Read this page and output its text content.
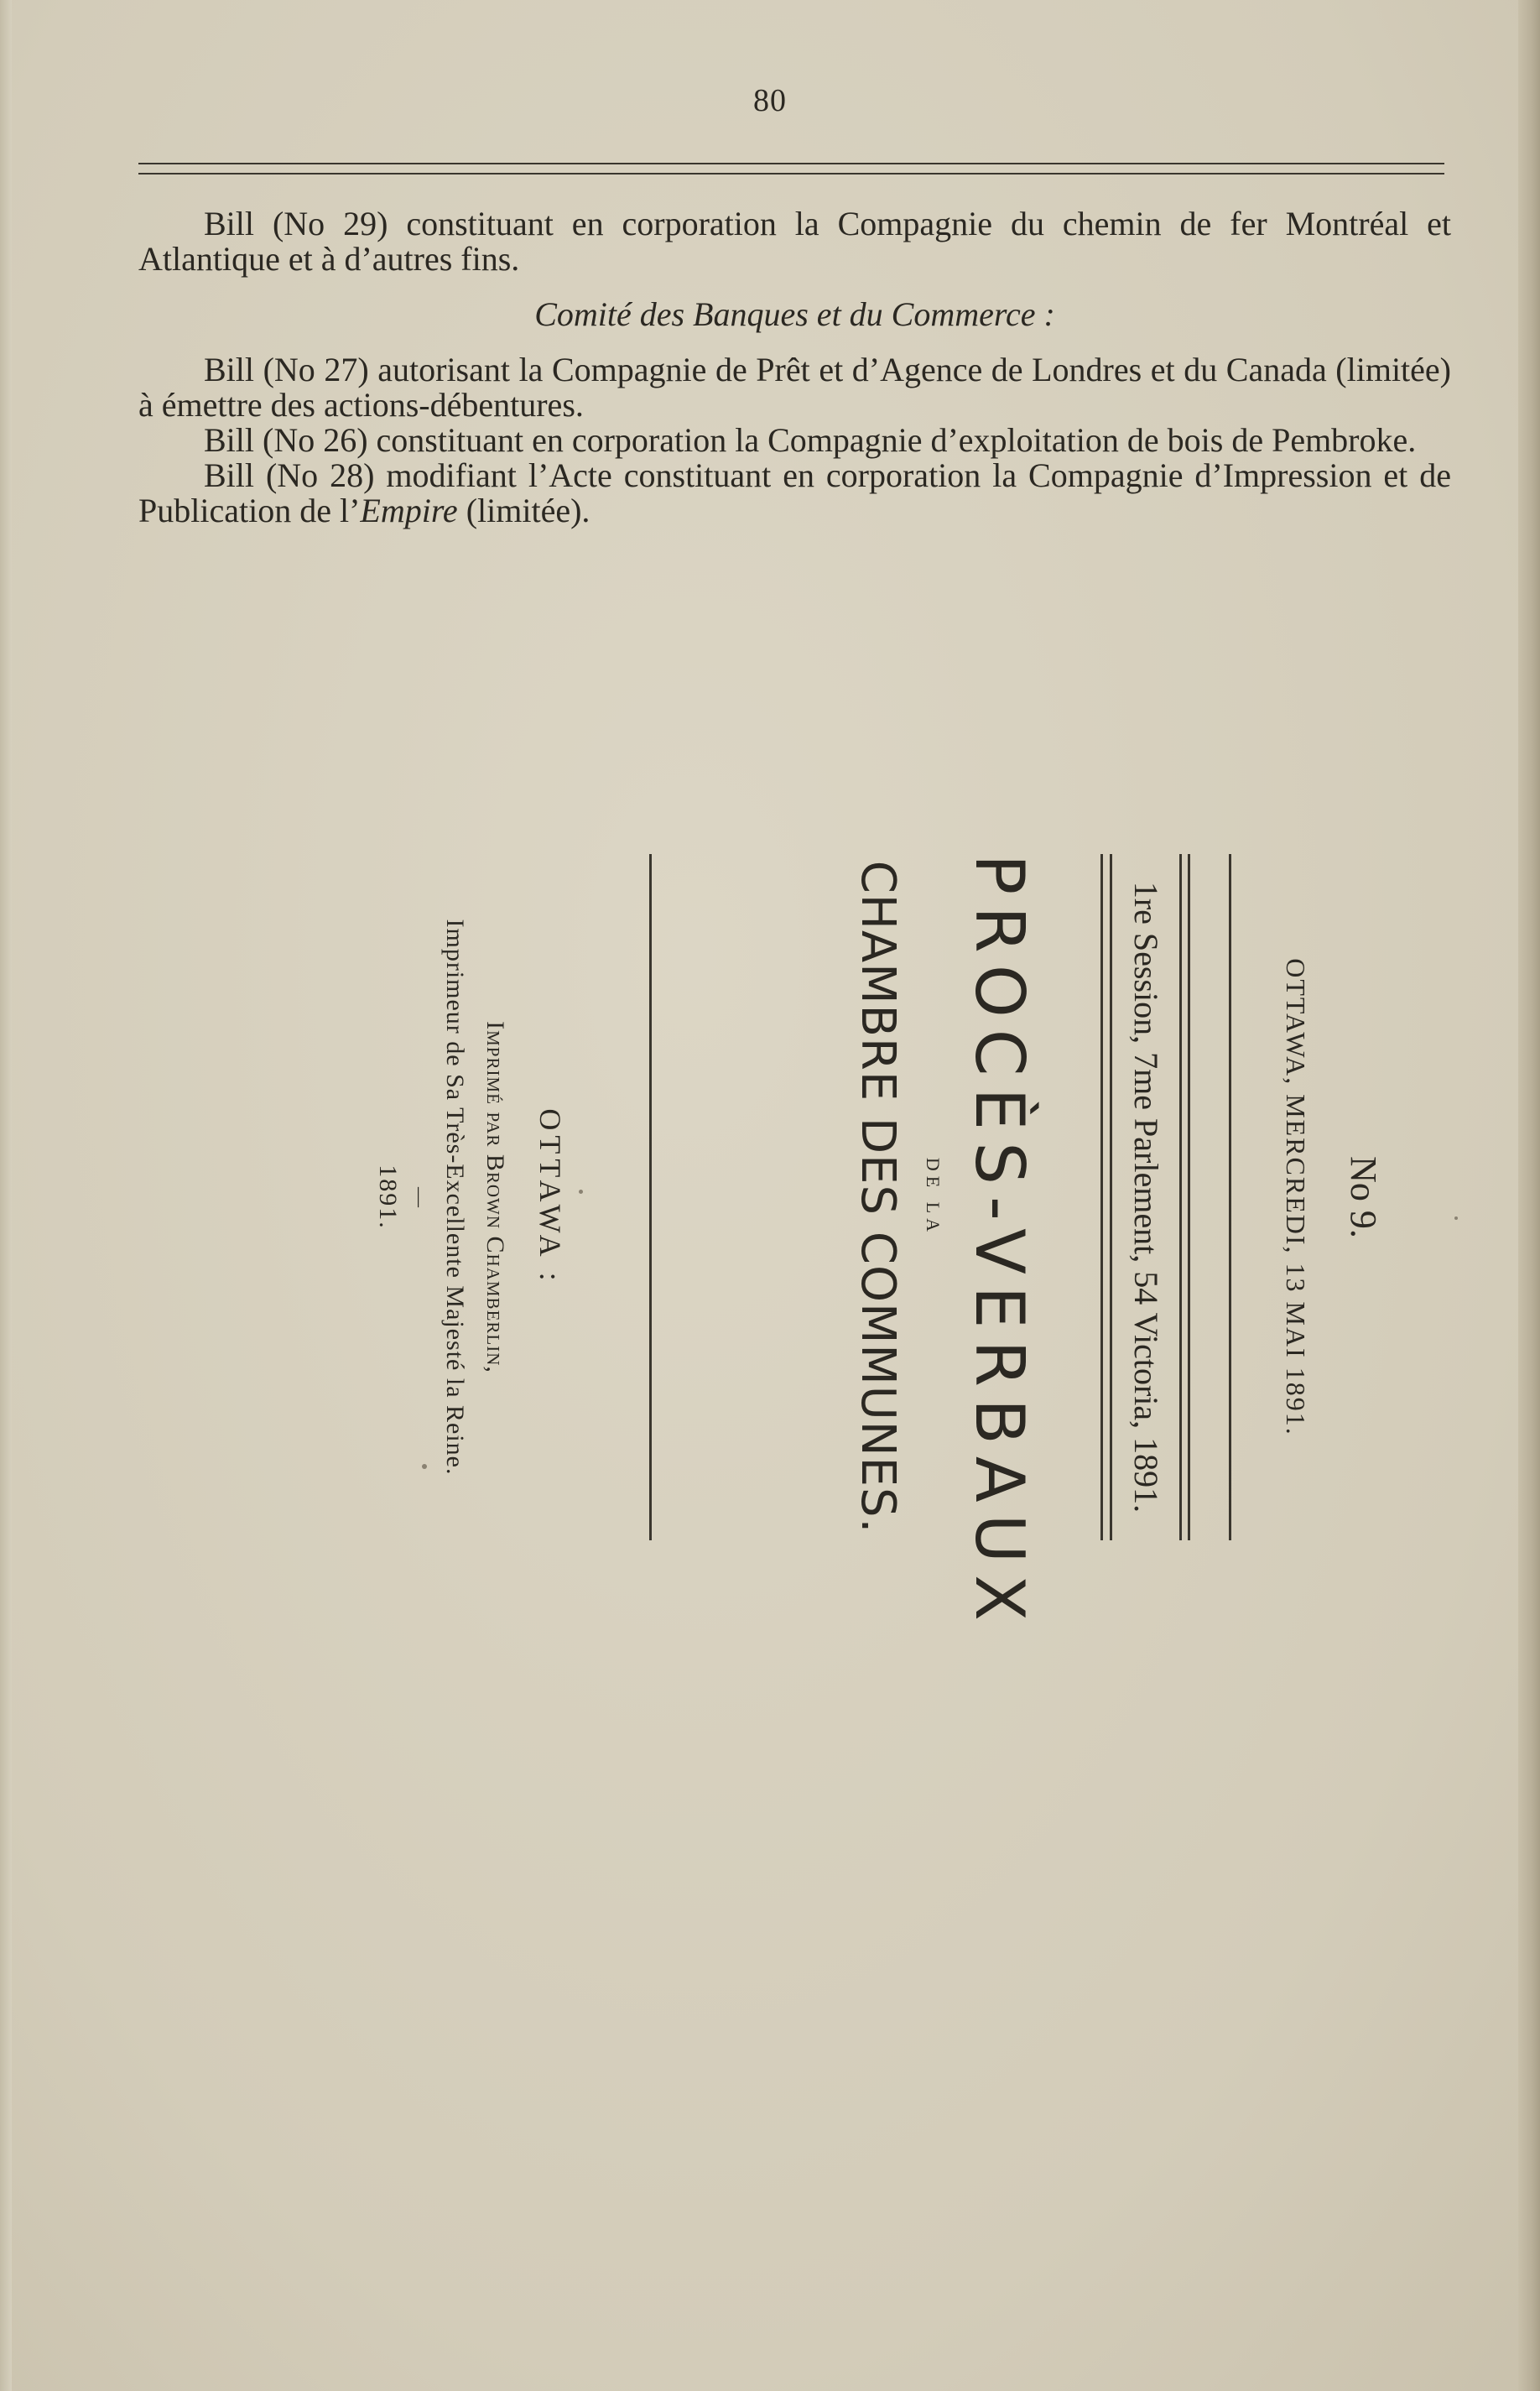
80

Bill (No 29) constituant en corporation la Compagnie du chemin de fer Montréal et Atlantique et à d’autres fins.

Comité des Banques et du Commerce :

Bill (No 27) autorisant la Compagnie de Prêt et d’Agence de Londres et du Canada (limitée) à émettre des actions-débentures.

Bill (No 26) constituant en corporation la Compagnie d’exploitation de bois de Pembroke.

Bill (No 28) modifiant l’Acte constituant en corporation la Compagnie d’Impression et de Publication de l’Empire (limitée).

No 9.
OTTAWA, MERCREDI, 13 MAI 1891.
1re Session, 7me Parlement, 54 Victoria, 1891.
PROCÈS-VERBAUX
DE LA
CHAMBRE DES COMMUNES.
OTTAWA :
Imprimé par Brown Chamberlin,
Imprimeur de Sa Très-Excellente Majesté la Reine.
—
1891.
